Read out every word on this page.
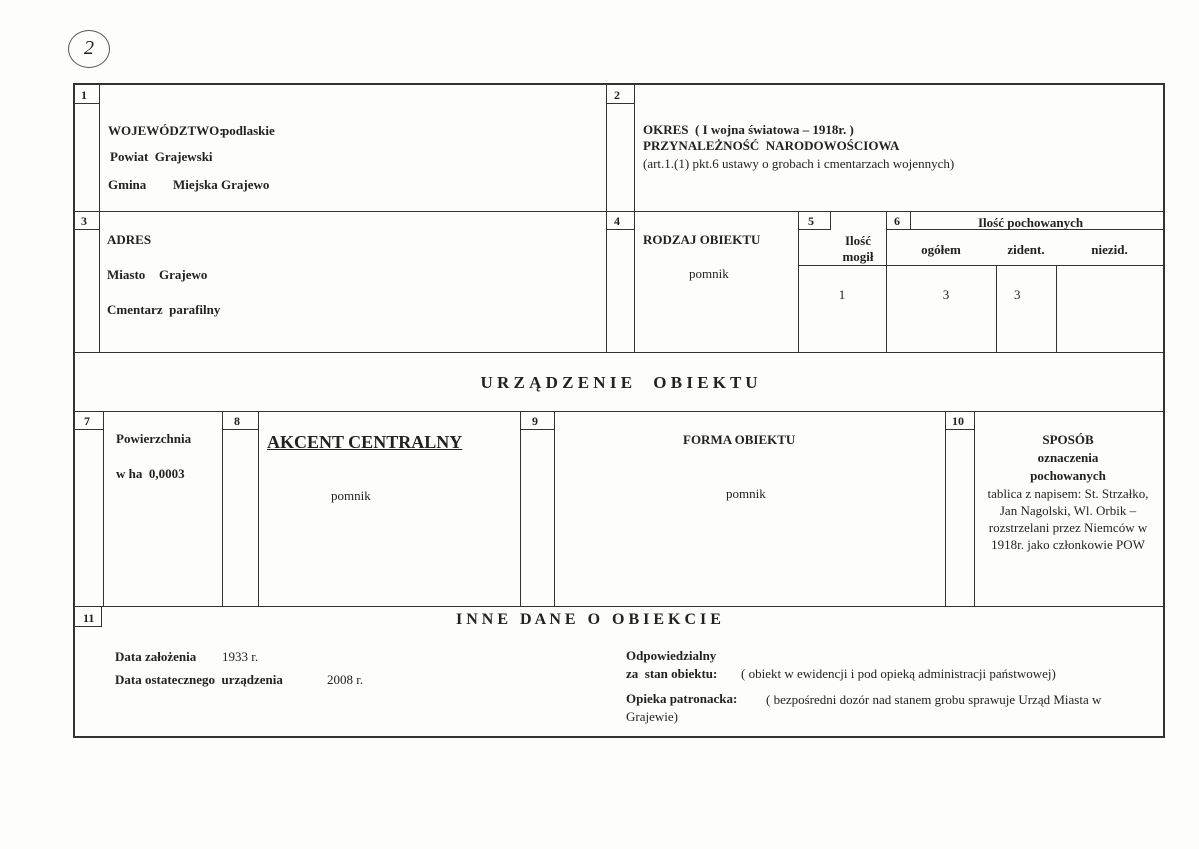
2
1	2
3	4	5	6
7	8	9	10
11
WOJEWÓDZTWO:
podlaskie
Powiat  Grajewski
Gmina Miejska Grajewo
OKRES  ( I wojna światowa – 1918r. )
PRZYNALEŻNOŚĆ  NARODOWOŚCIOWA
(art.1.(1) pkt.6 ustawy o grobach i cmentarzach wojennych)
ADRES
Miasto Grajewo
Cmentarz  parafilny
RODZAJ OBIEKTU
pomnik
Ilość
mogił
1
Ilość pochowanych
ogółem	zident.	niezid.
3	3
U R Z Ą D Z E N I E     O B I E K T U
Powierzchnia
w ha  0,0003
AKCENT CENTRALNY
pomnik
FORMA OBIEKTU
pomnik
SPOSÓB
oznaczenia
pochowanych
tablica z napisem: St. Strzałko, Jan Nagolski, Wl. Orbik – rozstrzelani przez Niemców w 1918r. jako członkowie POW
I N N E   D A N E   O   O B I E K C I E
Data założenia 1933 r.
Data ostatecznego  urządzenia	2008 r.
Odpowiedzialny
za  stan obiektu: ( obiekt w ewidencji i pod opieką administracji państwowej)
Opieka patronacka:	( bezpośredni dozór nad stanem grobu sprawuje Urząd Miasta w Grajewie)
